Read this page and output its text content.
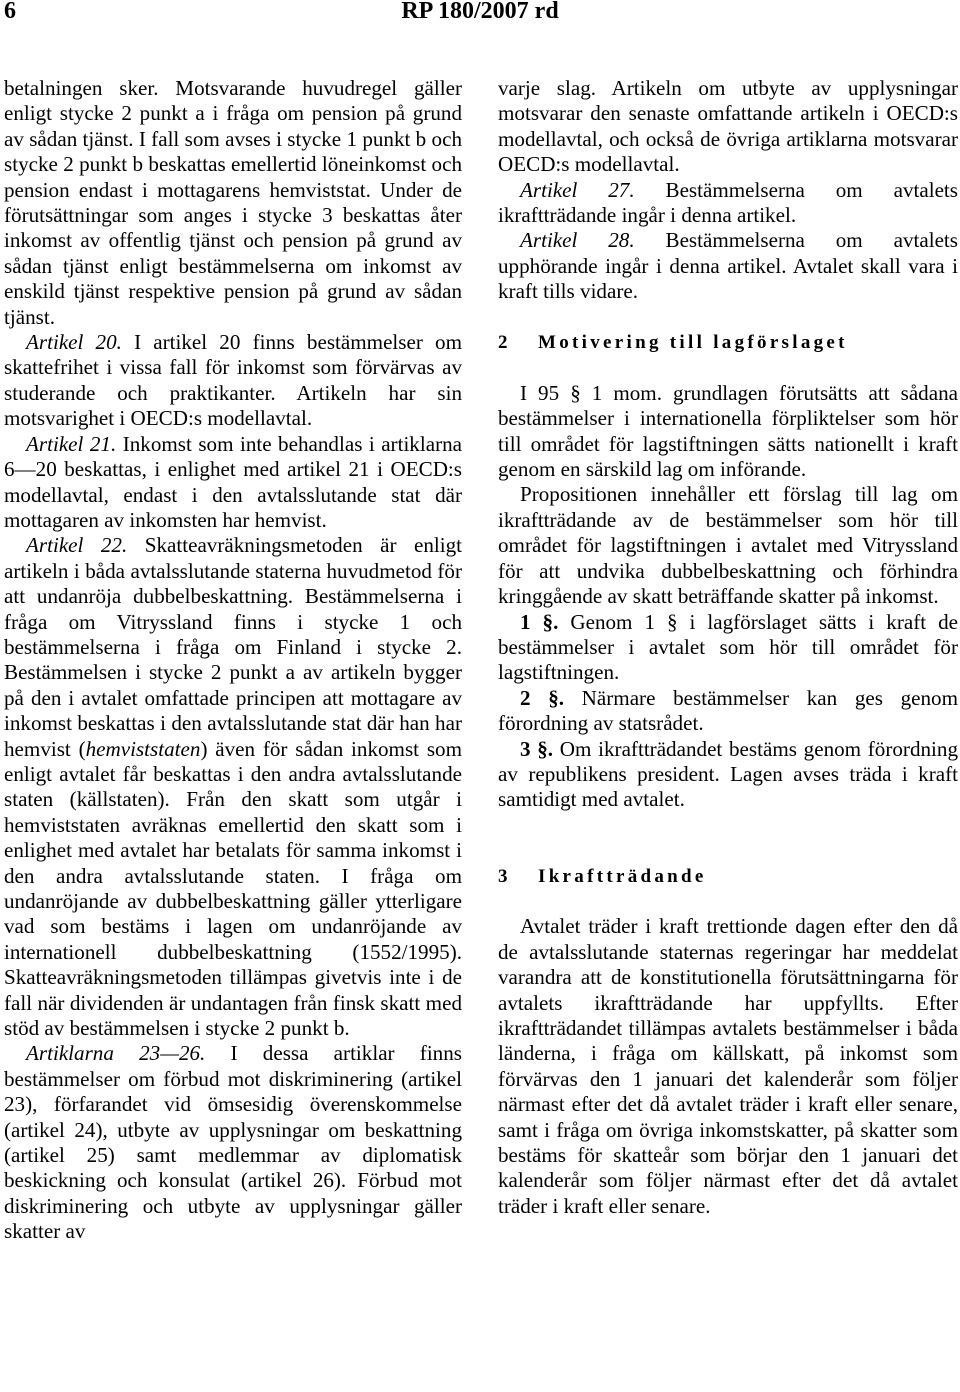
6	RP 180/2007 rd

betalningen sker. Motsvarande huvudregel gäller enligt stycke 2 punkt a i fråga om pension på grund av sådan tjänst. I fall som avses i stycke 1 punkt b och stycke 2 punkt b beskattas emellertid löneinkomst och pension endast i mottagarens hemviststat. Under de förutsättningar som anges i stycke 3 beskattas åter inkomst av offentlig tjänst och pension på grund av sådan tjänst enligt bestämmelserna om inkomst av enskild tjänst respektive pension på grund av sådan tjänst.

Artikel 20. I artikel 20 finns bestämmelser om skattefrihet i vissa fall för inkomst som förvärvas av studerande och praktikanter. Artikeln har sin motsvarighet i OECD:s modellavtal.

Artikel 21. Inkomst som inte behandlas i artiklarna 6—20 beskattas, i enlighet med artikel 21 i OECD:s modellavtal, endast i den avtalsslutande stat där mottagaren av inkomsten har hemvist.

Artikel 22. Skatteavräkningsmetoden är enligt artikeln i båda avtalsslutande staterna huvudmetod för att undanröja dubbelbeskattning. Bestämmelserna i fråga om Vitryssland finns i stycke 1 och bestämmelserna i fråga om Finland i stycke 2. Bestämmelsen i stycke 2 punkt a av artikeln bygger på den i avtalet omfattade principen att mottagare av inkomst beskattas i den avtalsslutande stat där han har hemvist (hemviststaten) även för sådan inkomst som enligt avtalet får beskattas i den andra avtalsslutande staten (källstaten). Från den skatt som utgår i hemviststaten avräknas emellertid den skatt som i enlighet med avtalet har betalats för samma inkomst i den andra avtalsslutande staten. I fråga om undanröjande av dubbelbeskattning gäller ytterligare vad som bestäms i lagen om undanröjande av internationell dubbelbeskattning (1552/1995). Skatteavräkningsmetoden tillämpas givetvis inte i de fall när dividenden är undantagen från finsk skatt med stöd av bestämmelsen i stycke 2 punkt b.

Artiklarna 23—26. I dessa artiklar finns bestämmelser om förbud mot diskriminering (artikel 23), förfarandet vid ömsesidig överenskommelse (artikel 24), utbyte av upplysningar om beskattning (artikel 25) samt medlemmar av diplomatisk beskickning och konsulat (artikel 26). Förbud mot diskriminering och utbyte av upplysningar gäller skatter av

varje slag. Artikeln om utbyte av upplysningar motsvarar den senaste omfattande artikeln i OECD:s modellavtal, och också de övriga artiklarna motsvarar OECD:s modellavtal.

Artikel 27. Bestämmelserna om avtalets ikraftträdande ingår i denna artikel.

Artikel 28. Bestämmelserna om avtalets upphörande ingår i denna artikel. Avtalet skall vara i kraft tills vidare.

2 Motivering till lagförslaget

I 95 § 1 mom. grundlagen förutsätts att sådana bestämmelser i internationella förpliktelser som hör till området för lagstiftningen sätts nationellt i kraft genom en särskild lag om införande.

Propositionen innehåller ett förslag till lag om ikraftträdande av de bestämmelser som hör till området för lagstiftningen i avtalet med Vitryssland för att undvika dubbelbeskattning och förhindra kringgående av skatt beträffande skatter på inkomst.

1 §. Genom 1 § i lagförslaget sätts i kraft de bestämmelser i avtalet som hör till området för lagstiftningen.

2 §. Närmare bestämmelser kan ges genom förordning av statsrådet.

3 §. Om ikraftträdandet bestäms genom förordning av republikens president. Lagen avses träda i kraft samtidigt med avtalet.

3 Ikraftträdande

Avtalet träder i kraft trettionde dagen efter den då de avtalsslutande staternas regeringar har meddelat varandra att de konstitutionella förutsättningarna för avtalets ikraftträdande har uppfyllts. Efter ikraftträdandet tillämpas avtalets bestämmelser i båda länderna, i fråga om källskatt, på inkomst som förvärvas den 1 januari det kalenderår som följer närmast efter det då avtalet träder i kraft eller senare, samt i fråga om övriga inkomstskatter, på skatter som bestäms för skatteår som börjar den 1 januari det kalenderår som följer närmast efter det då avtalet träder i kraft eller senare.
